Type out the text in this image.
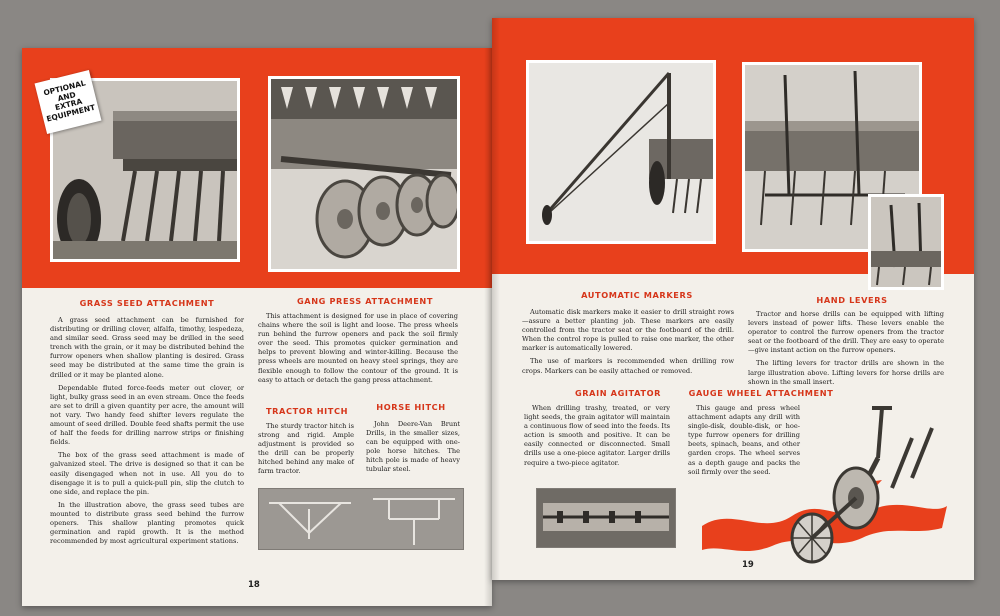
OPTIONAL
AND
EXTRA
EQUIPMENT
GRASS SEED ATTACHMENT

A grass seed attachment can be furnished for distributing or drilling clover, alfalfa, timothy, lespedeza, and similar seed. Grass seed may be drilled in the seed trench with the grain, or it may be distributed behind the furrow openers when shallow planting is desired. Grass seed may be distributed at the same time the grain is drilled or it may be planted alone.

Dependable fluted force-feeds meter out clover, or light, bulky grass seed in an even stream. Once the feeds are set to drill a given quantity per acre, the amount will not vary. Two handy feed shifter levers regulate the amount of seed drilled. Double feed shafts permit the use of half the feeds for drilling narrow strips or finishing fields.

The box of the grass seed attachment is made of galvanized steel. The drive is designed so that it can be easily disengaged when not in use. All you do to disengage it is to pull a quick-pull pin, slip the clutch to one side, and replace the pin.

In the illustration above, the grass seed tubes are mounted to distribute grass seed behind the furrow openers. This shallow planting promotes quick germination and rapid growth. It is the method recommended by most agricultural experiment stations.

GANG PRESS ATTACHMENT

This attachment is designed for use in place of covering chains where the soil is light and loose. The press wheels run behind the furrow openers and pack the soil firmly over the seed. This promotes quicker germination and helps to prevent blowing and winter-killing. Because the press wheels are mounted on heavy steel springs, they are flexible enough to follow the contour of the ground. It is easy to attach or detach the gang press attachment.

TRACTOR HITCH

The sturdy tractor hitch is strong and rigid. Ample adjustment is provided so the drill can be properly hitched behind any make of farm tractor.

HORSE HITCH

John Deere-Van Brunt Drills, in the smaller sizes, can be equipped with one-pole horse hitches. The hitch pole is made of heavy tubular steel.

18
AUTOMATIC MARKERS

Automatic disk markers make it easier to drill straight rows—assure a better planting job. These markers are easily controlled from the tractor seat or the footboard of the drill. When the control rope is pulled to raise one marker, the other marker is automatically lowered.

The use of markers is recommended when drilling row crops. Markers can be easily attached or removed.

HAND LEVERS

Tractor and horse drills can be equipped with lifting levers instead of power lifts. These levers enable the operator to control the furrow openers from the tractor seat or the footboard of the drill. They are easy to operate—give instant action on the furrow openers.

The lifting levers for tractor drills are shown in the large illustration above. Lifting levers for horse drills are shown in the small insert.

GRAIN AGITATOR

When drilling trashy, treated, or very light seeds, the grain agitator will maintain a continuous flow of seed into the feeds. Its action is smooth and positive. It can be easily connected or disconnected. Small drills use a one-piece agitator. Larger drills require a two-piece agitator.

GAUGE WHEEL ATTACHMENT

This gauge and press wheel attachment adapts any drill with single-disk, double-disk, or hoe-type furrow openers for drilling beets, spinach, beans, and other garden crops. The wheel serves as a depth gauge and packs the soil firmly over the seed.

19
